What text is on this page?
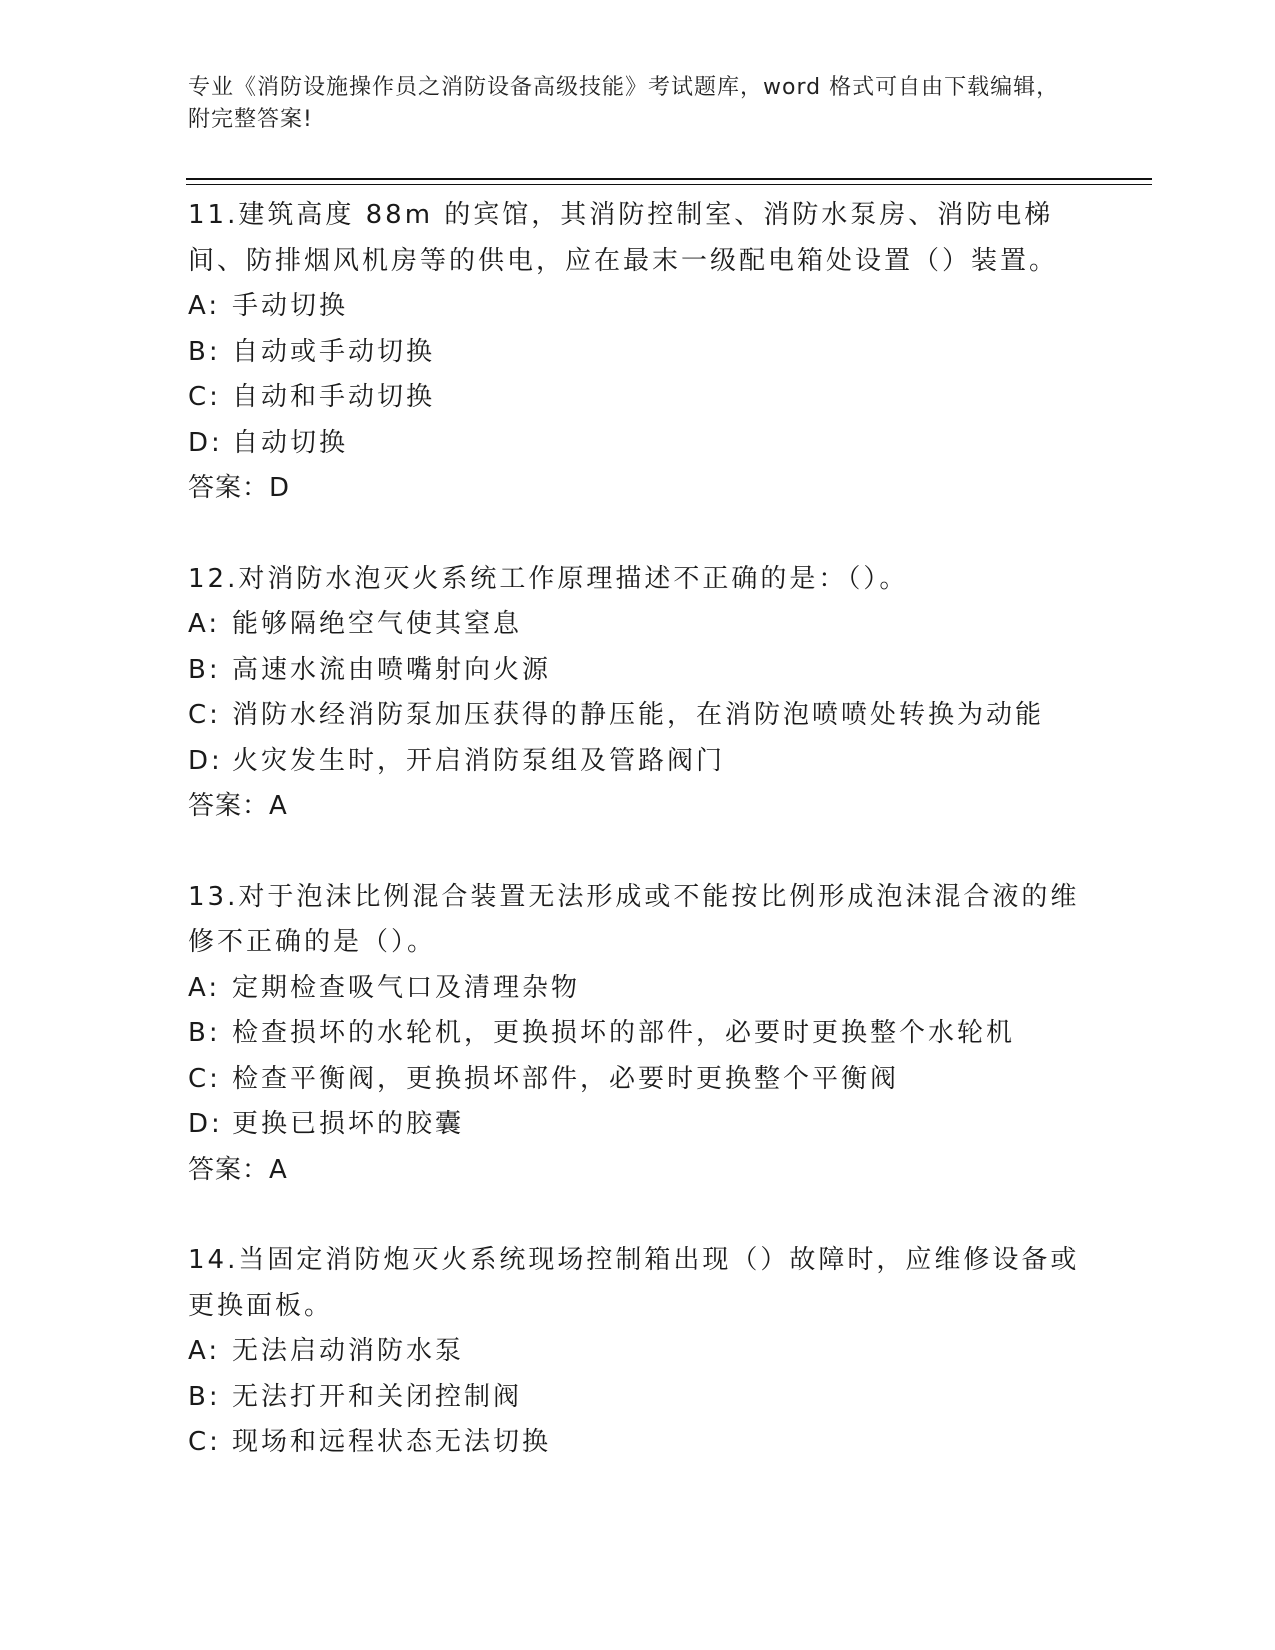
专业《消防设施操作员之消防设备高级技能》考试题库，word 格式可自由下载编辑，附完整答案!
11.建筑高度 88m 的宾馆，其消防控制室、消防水泵房、消防电梯间、防排烟风机房等的供电，应在最末一级配电箱处设置（）装置。
A: 手动切换
B: 自动或手动切换
C: 自动和手动切换
D: 自动切换
答案：D
12.对消防水泡灭火系统工作原理描述不正确的是：（）。
A: 能够隔绝空气使其窒息
B: 高速水流由喷嘴射向火源
C: 消防水经消防泵加压获得的静压能，在消防泡喷喷处转换为动能
D: 火灾发生时，开启消防泵组及管路阀门
答案：A
13.对于泡沫比例混合装置无法形成或不能按比例形成泡沫混合液的维修不正确的是（）。
A: 定期检查吸气口及清理杂物
B: 检查损坏的水轮机，更换损坏的部件，必要时更换整个水轮机
C: 检查平衡阀，更换损坏部件，必要时更换整个平衡阀
D: 更换已损坏的胶囊
答案：A
14.当固定消防炮灭火系统现场控制箱出现（）故障时，应维修设备或更换面板。
A: 无法启动消防水泵
B: 无法打开和关闭控制阀
C: 现场和远程状态无法切换
